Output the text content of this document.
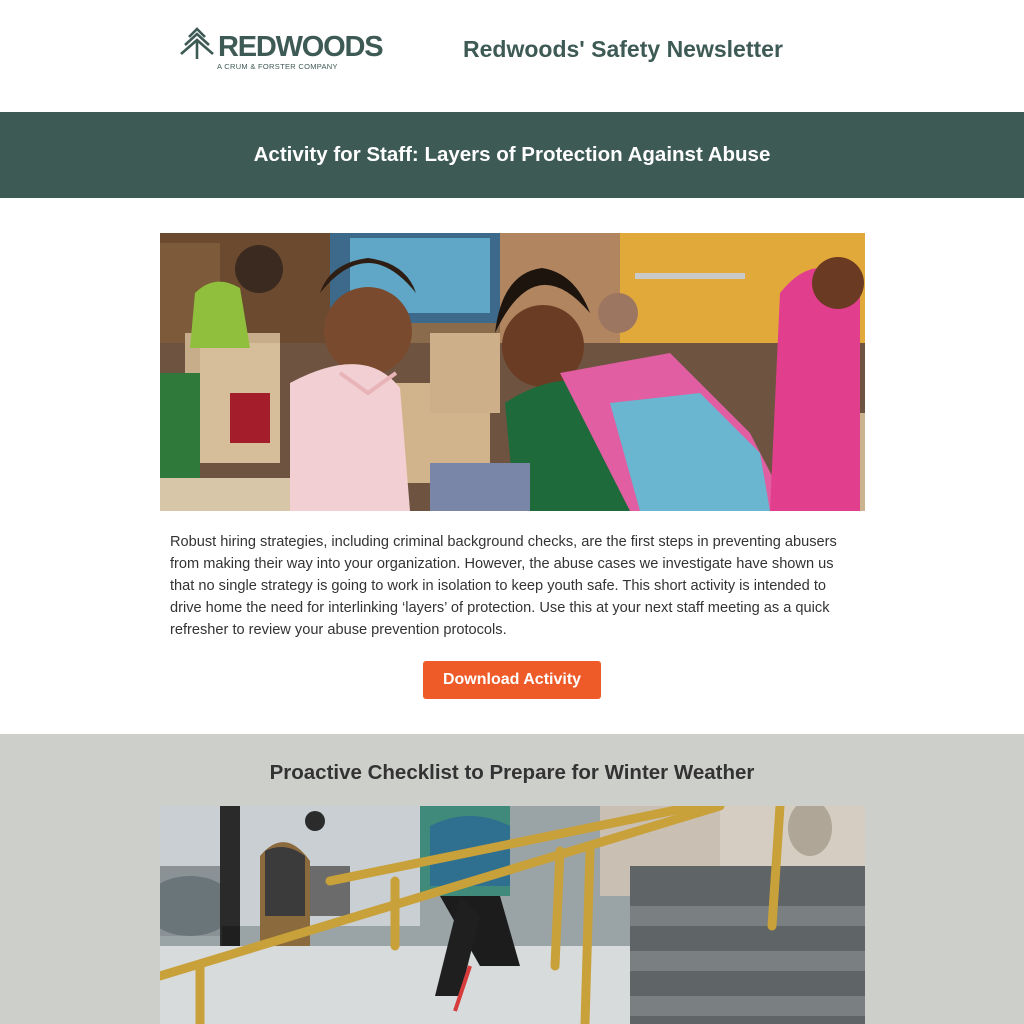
REDWOODS
A CRUM & FORSTER COMPANY
Redwoods' Safety Newsletter
Activity for Staff: Layers of Protection Against Abuse
Robust hiring strategies, including criminal background checks, are the first steps in preventing abusers from making their way into your organization. However, the abuse cases we investigate have shown us that no single strategy is going to work in isolation to keep youth safe. This short activity is intended to drive home the need for interlinking ‘layers’ of protection. Use this at your next staff meeting as a quick refresher to review your abuse prevention protocols.
Download Activity
Proactive Checklist to Prepare for Winter Weather
